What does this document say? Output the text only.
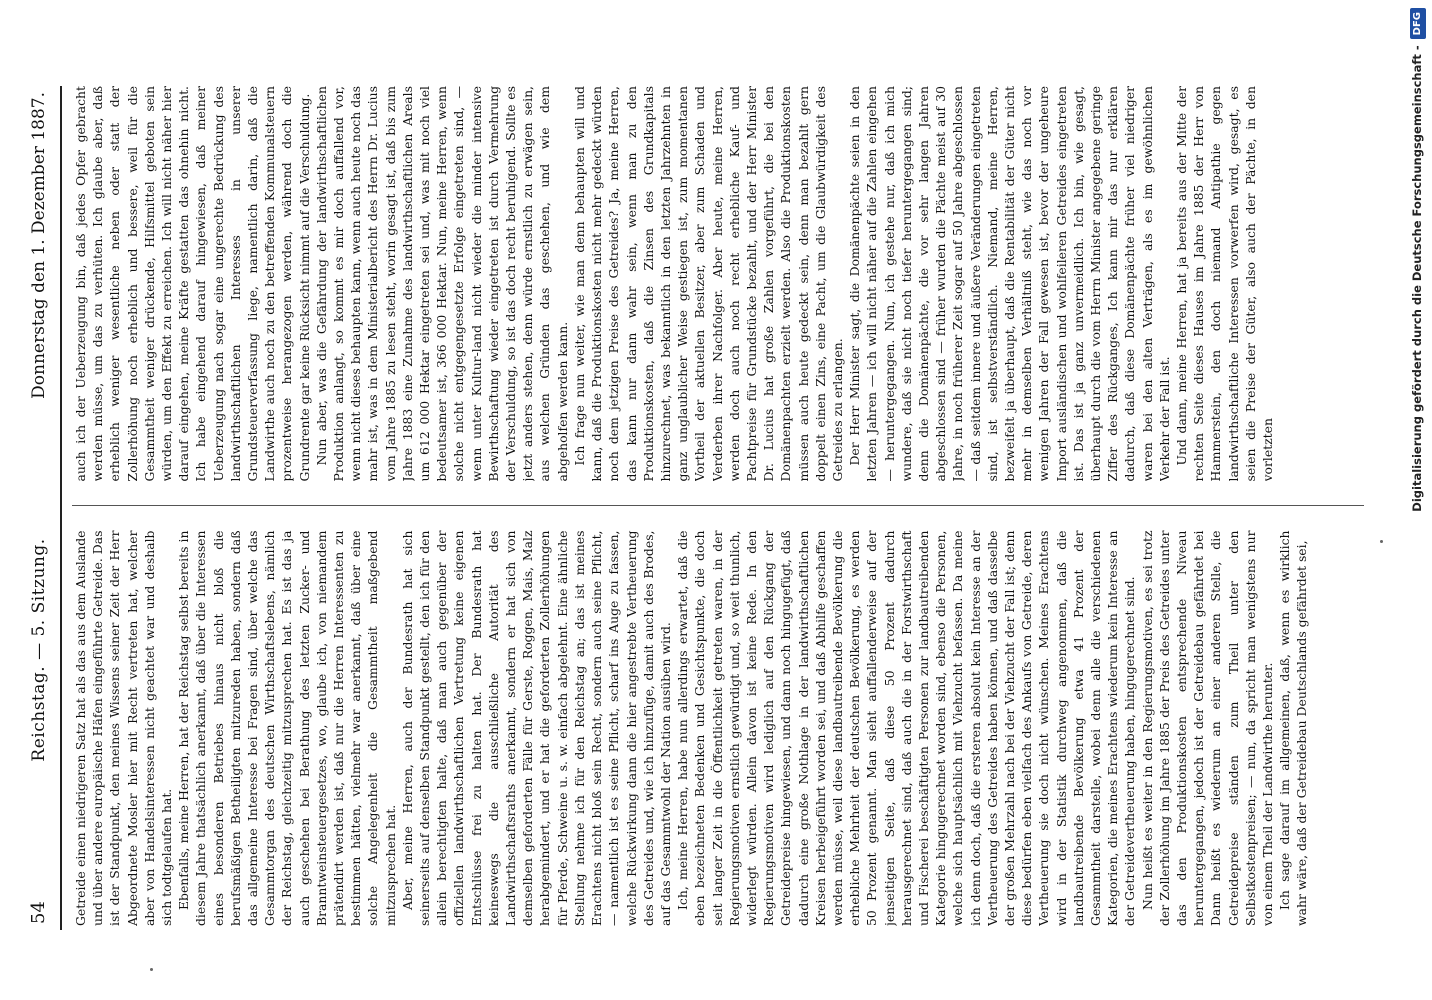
54
Reichstag. — 5. Sitzung.
Donnerstag den 1. Dezember 1887.

Getreide einen niedrigeren Satz hat als das aus dem Auslande und über andere europäische Häfen eingeführte Getreide. Das ist der Standpunkt, den meines Wissens seiner Zeit der Herr Abgeordnete Mosler hier mit Recht vertreten hat, welcher aber von Handelsinteressen nicht geachtet war und deshalb sich todtgelaufen hat. Ebenfalls, meine Herren, hat der Reichstag selbst bereits in diesem Jahre thatsächlich anerkannt, daß über die Interessen eines besonderen Betriebes hinaus nicht bloß die berufsmäßigen Betheiligten mitzureden haben, sondern daß das allgemeine Interesse bei Fragen sind, über welche das Gesammtorgan des deutschen Wirthschaftslebens, nämlich der Reichstag, gleichzeitig mitzusprechen hat. Es ist das ja auch geschehen bei Berathung des letzten Zucker- und Branntweinsteuergesetzes, wo, glaube ich, von niemandem prätendirt werden ist, daß nur die Herren Interessenten zu bestimmen hätten, vielmehr war anerkannt, daß über eine solche Angelegenheit die Gesammtheit maßgebend mitzusprechen hat. Aber, meine Herren, auch der Bundesrath hat sich seinerseits auf denselben Standpunkt gestellt, den ich für den allein berechtigten halte, daß man auch gegenüber der offiziellen landwirthschaftlichen Vertretung keine eigenen Entschlüsse frei zu halten hat. Der Bundesrath hat keineswegs die ausschließliche Autorität des Landwirthschaftsraths anerkannt, sondern er hat sich von demselben geforderten Fälle für Gerste, Roggen, Mais, Malz herabgemindert, und er hat die geforderten Zollerhöhungen für Pferde, Schweine u. s. w. einfach abgelehnt. Eine ähnliche Stellung nehme ich für den Reichstag an; das ist meines Erachtens nicht bloß sein Recht, sondern auch seine Pflicht, — namentlich ist es seine Pflicht, scharf ins Auge zu fassen, welche Rückwirkung dann die hier angestrebte Vertheuerung des Getreides und, wie ich hinzufüge, damit auch des Brodes, auf das Gesammtwohl der Nation ausüben wird. Ich, meine Herren, habe nun allerdings erwartet, daß die eben bezeichneten Bedenken und Gesichtspunkte, die doch seit langer Zeit in die Öffentlichkeit getreten waren, in der Regierungsmotiven ernstlich gewürdigt und, so weit thunlich, widerlegt würden. Allein davon ist keine Rede. In den Regierungsmotiven wird lediglich auf den Rückgang der Getreidepreise hingewiesen, und dann noch hingugefügt, daß dadurch eine große Nothlage in der landwirthschaftlichen Kreisen herbeigeführt worden sei, und daß Abhilfe geschaffen werden müsse, weil diese landbautreibende Bevölkerung die erhebliche Mehrheit der deutschen Bevölkerung, es werden 50 Prozent genannt. Man sieht auffallenderweise auf der jenseitigen Seite, daß diese 50 Prozent dadurch herausgerechnet sind, daß auch die in der Forstwirthschaft und Fischerei beschäftigten Personen zur landbautreibenden Kategorie hingugerechnet worden sind, ebenso die Personen, welche sich hauptsächlich mit Viehzucht befassen. Da meine ich denn doch, daß die ersteren absolut kein Interesse an der Vertheuerung des Getreides haben können, und daß dasselbe der großen Mehrzahl nach bei der Viehzucht der Fall ist; denn diese bedürfen eben vielfach des Ankaufs von Getreide, deren Vertheuerung sie doch nicht wünschen. Meines Erachtens wird in der Statistik durchweg angenommen, daß die landbautreibende Bevölkerung etwa 41 Prozent der Gesammtheit darstelle, wobei denn alle die verschiedenen Kategorien, die meines Erachtens wiederum kein Interesse an der Getreidevertheuerung haben, hingugerechnet sind. Nun heißt es weiter in den Regierungsmotiven, es sei trotz der Zollerhöhung im Jahre 1885 der Preis des Getreides unter das den Produktionskosten entsprechende Niveau heruntergegangen, jedoch ist der Getreidebau gefährdet bei Dann heißt es wiederum an einer anderen Stelle, die Getreidepreise ständen zum Theil unter den Selbstkostenpreisen; — nun, da spricht man wenigstens nur von einem Theil der Landwirthe herunter. Ich sage darauf im allgemeinen, daß, wenn es wirklich wahr wäre, daß der Getreidebau Deutschlands gefährdet sei,

auch ich der Ueberzeugung bin, daß jedes Opfer gebracht werden müsse, um das zu verhüten. Ich glaube aber, daß erheblich weniger wesentliche neben oder statt der Zollerhöhung noch erheblich und bessere, weil für die Gesammtheit weniger drückende, Hilfsmittel geboten sein würden, um den Effekt zu erreichen. Ich will nicht näher hier darauf eingehen, meine Kräfte gestatten das ohnehin nicht. Ich habe eingehend darauf hingewiesen, daß meiner Ueberzeugung nach sogar eine ungerechte Bedrückung des landwirthschaftlichen Interesses in unserer Grundsteuerverfassung liege, namentlich darin, daß die Landwirthe auch noch zu den betreffenden Kommunalsteuern prozentweise herangezogen werden, während doch die Grundrente gar keine Rücksicht nimmt auf die Verschuldung. Nun aber, was die Gefährdung der landwirthschaftlichen Produktion anlangt, so kommt es mir doch auffallend vor, wenn nicht dieses behaupten kann, wenn auch heute noch das mahr ist, was in dem Ministerialbericht des Herrn Dr. Lucius vom Jahre 1885 zu lesen steht, worin gesagt ist, daß bis zum Jahre 1883 eine Zunahme des landwirthschaftlichen Areals um 612 000 Hektar eingetreten sei und, was mit noch viel bedeutsamer ist, 366 000 Hektar. Nun, meine Herren, wenn solche nicht entgegengesetzte Erfolge eingetreten sind, — wenn unter Kultur-land nicht wieder die minder intensive Bewirthschaftung wieder eingetreten ist durch Vermehrung der Verschuldung, so ist das doch recht beruhigend. Sollte es jetzt anders stehen, denn würde ernstlich zu erwägen sein, aus welchen Gründen das geschehen, und wie dem abgeholfen werden kann. Ich frage nun weiter, wie man denn behaupten will und kann, daß die Produktionskosten nicht mehr gedeckt würden noch dem jetzigen Preise des Getreides? Ja, meine Herren, das kann nur dann wahr sein, wenn man zu den Produktionskosten, daß die Zinsen des Grundkapitals hinzurechnet, was bekanntlich in den letzten Jahrzehnten in ganz unglaublicher Weise gestiegen ist, zum momentanen Vortheil der aktuellen Besitzer, aber zum Schaden und Verderben ihrer Nachfolger. Aber heute, meine Herren, werden doch auch noch recht erhebliche Kauf- und Pachtpreise für Grundstücke bezahlt, und der Herr Minister Dr. Lucius hat große Zahlen vorgeführt, die bei den Domänenpachten erzielt werden. Also die Produktionskosten müssen auch heute gedeckt sein, denn man bezahlt gern doppelt einen Zins, eine Pacht, um die Glaubwürdigkeit des Getreides zu erlangen. Der Herr Minister sagt, die Domänenpächte seien in den letzten Jahren — ich will nicht näher auf die Zahlen eingehen — heruntergegangen. Nun, ich gestehe nur, daß ich mich wundere, daß sie nicht noch tiefer heruntergegangen sind; denn die Domänenpächte, die vor sehr langen Jahren abgeschlossen sind — früher wurden die Pächte meist auf 30 Jahre, in noch früherer Zeit sogar auf 50 Jahre abgeschlossen — daß seitdem innere und äußere Veränderungen eingetreten sind, ist selbstverständlich. Niemand, meine Herren, bezweifelt ja überhaupt, daß die Rentabilität der Güter nicht mehr in demselben Verhältniß steht, wie das noch vor wenigen Jahren der Fall gewesen ist, bevor der ungeheure Import ausländischen und wohlfeileren Getreides eingetreten ist. Das ist ja ganz unvermeidlich. Ich bin, wie gesagt, überhaupt durch die vom Herrn Minister angegebene geringe Ziffer des Rückganges, Ich kann mir das nur erklären dadurch, daß diese Domänenpächte früher viel niedriger waren bei den alten Verträgen, als es im gewöhnlichen Verkehr der Fall ist. Und dann, meine Herren, hat ja bereits aus der Mitte der rechten Seite dieses Hauses im Jahre 1885 der Herr von Hammerstein, den doch niemand Antipathie gegen landwirthschaftliche Interessen vorwerfen wird, gesagt, es seien die Preise der Güter, also auch der Pächte, in den vorletzten	Digitalisierung gefördert durch die Deutsche Forschungsgemeinschaft -DFG
